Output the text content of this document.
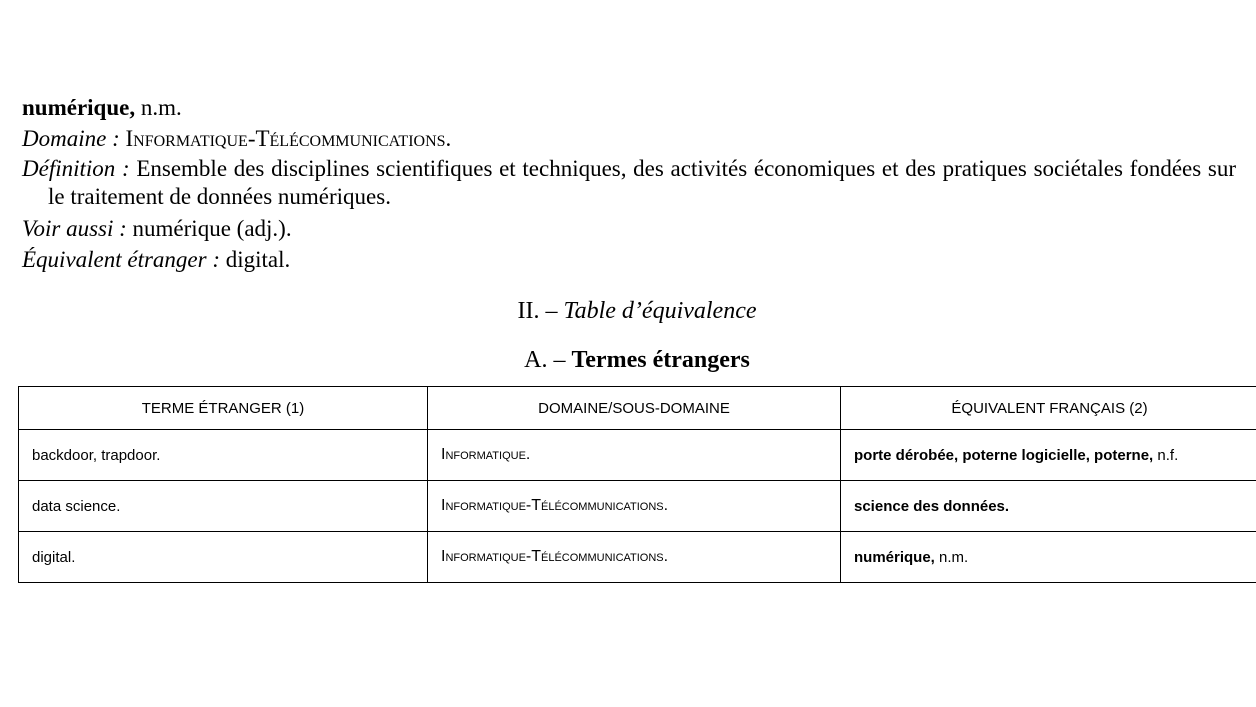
numérique, n.m.
Domaine : Informatique-Télécommunications.
Définition : Ensemble des disciplines scientifiques et techniques, des activités économiques et des pratiques sociétales fondées sur le traitement de données numériques.
Voir aussi : numérique (adj.).
Équivalent étranger : digital.
II. – Table d’équivalence
A. – Termes étrangers
TERME ÉTRANGER (1)	DOMAINE/SOUS-DOMAINE	ÉQUIVALENT FRANÇAIS (2)
backdoor, trapdoor.	Informatique.	porte dérobée, poterne logicielle, poterne, n.f.
data science.	Informatique-Télécommunications.	science des données.
digital.	Informatique-Télécommunications.	numérique, n.m.
